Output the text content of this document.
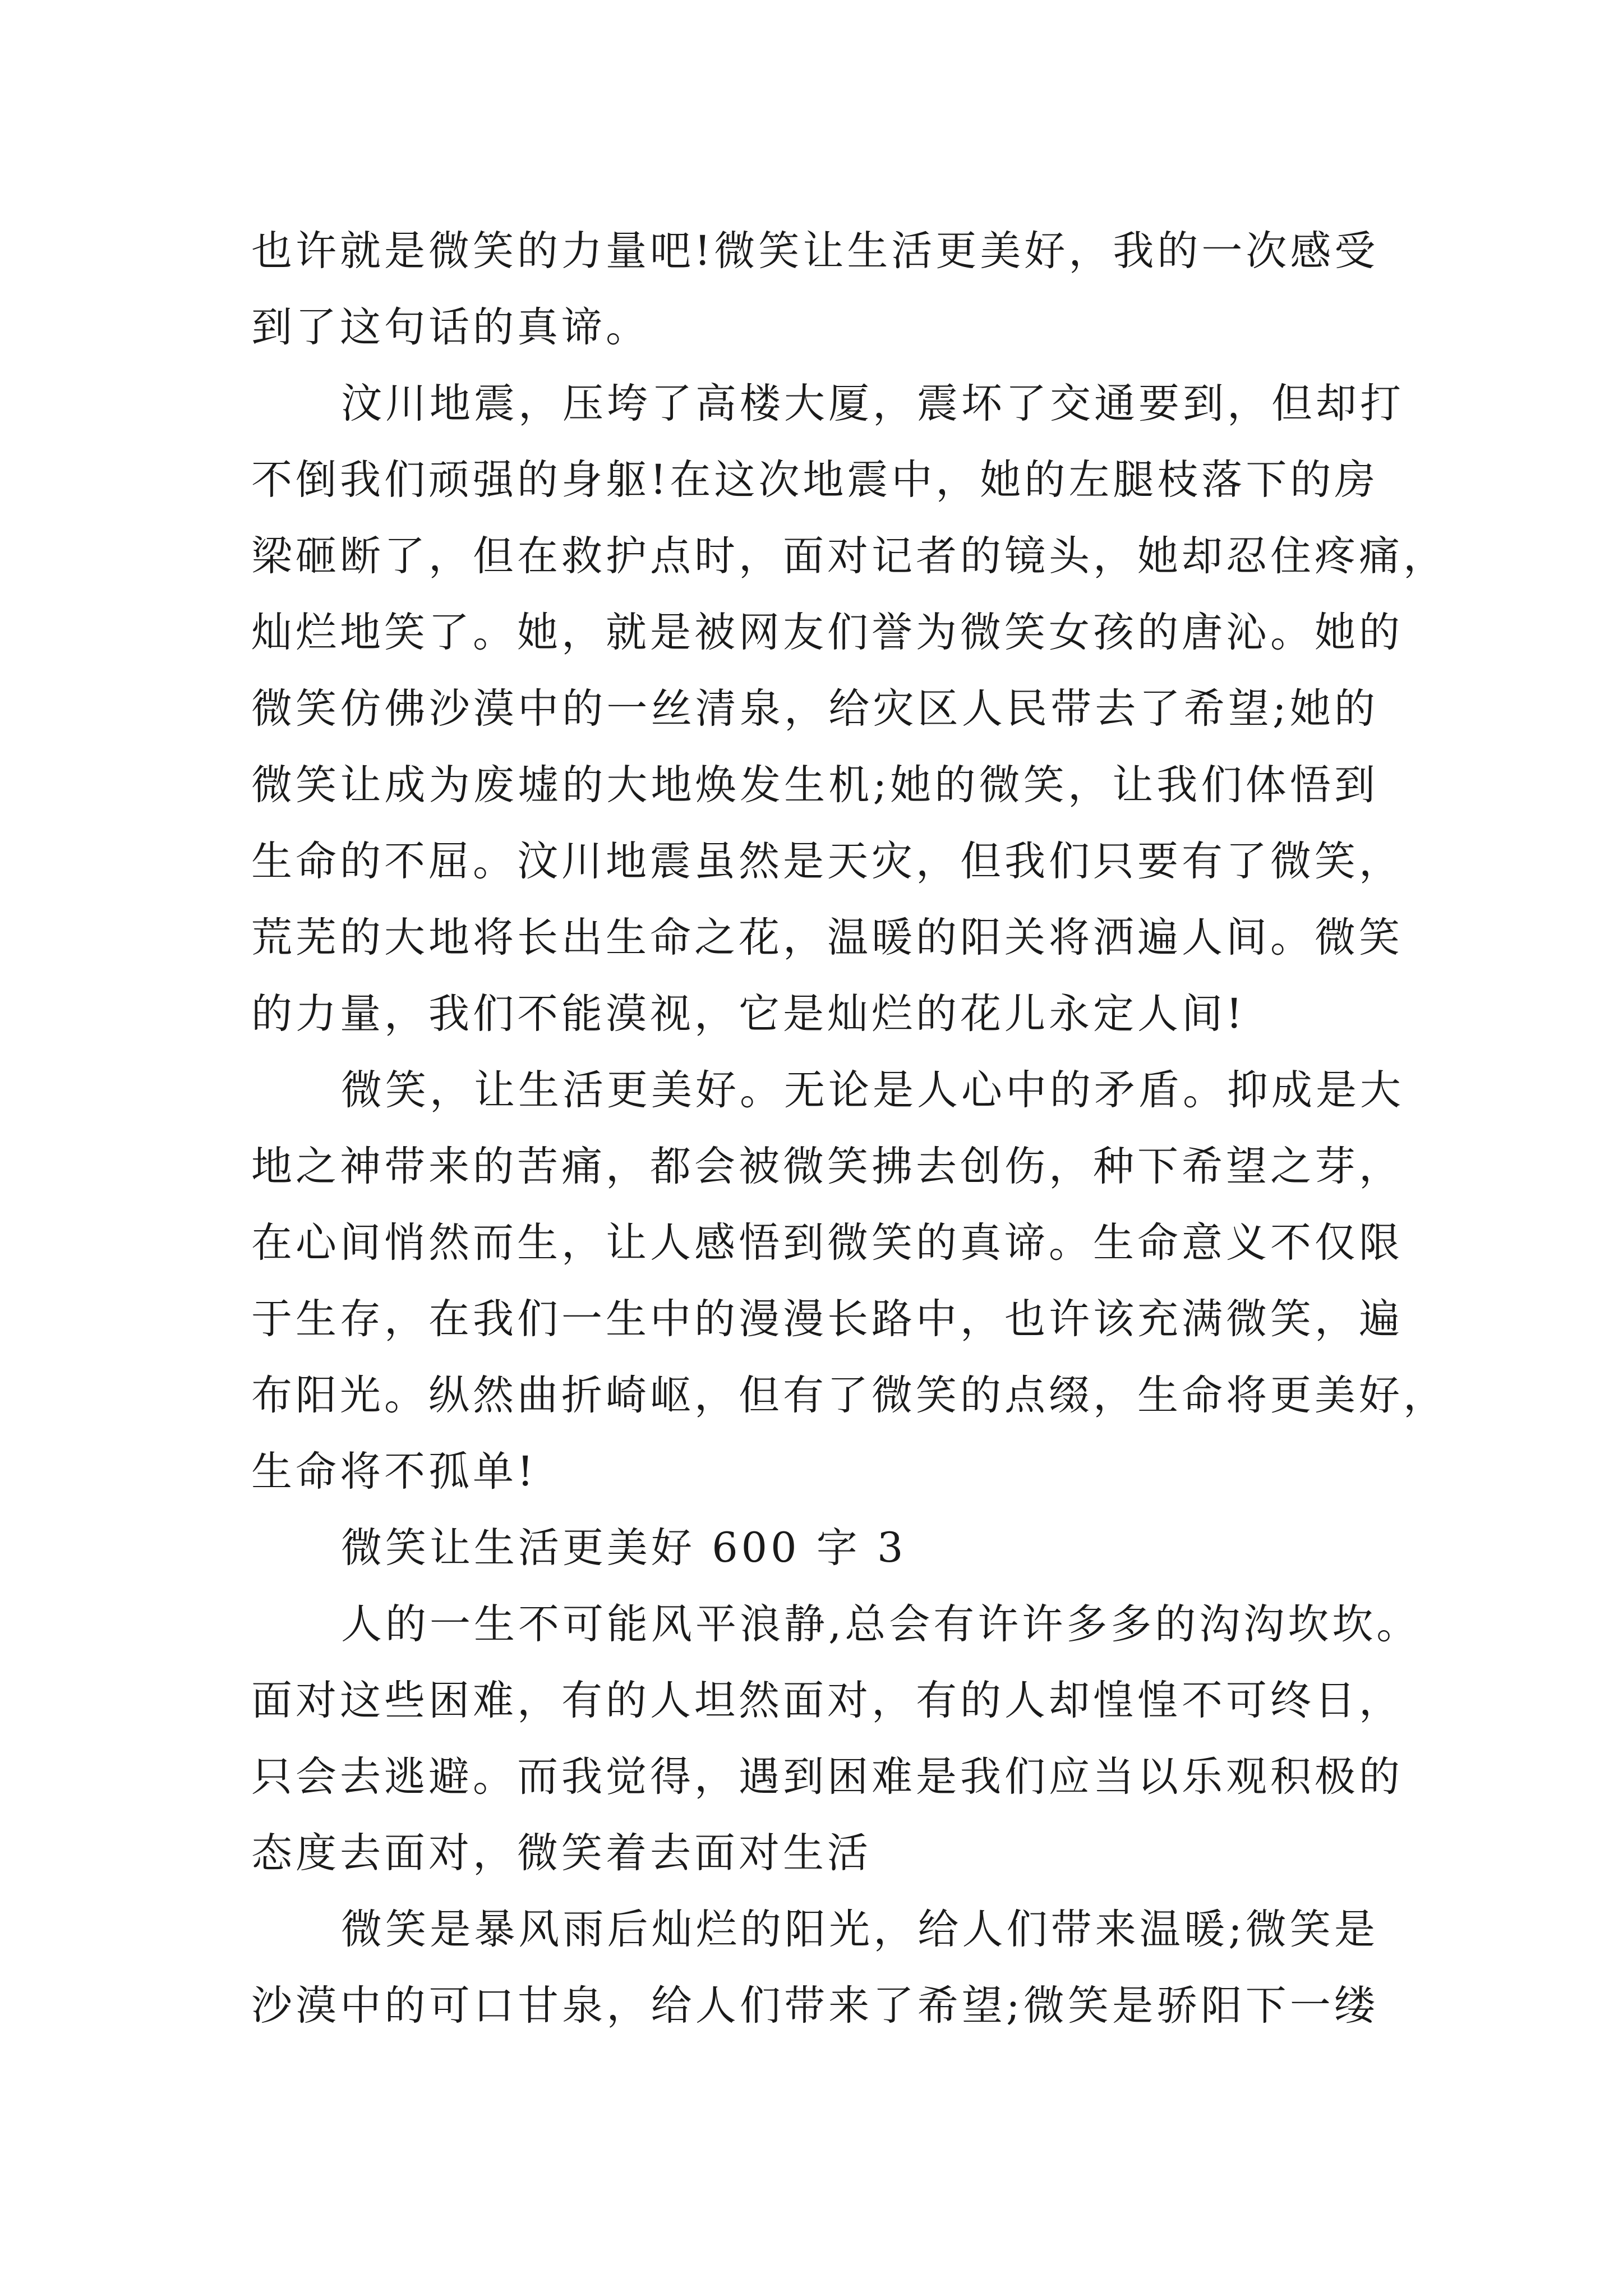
也许就是微笑的力量吧!微笑让生活更美好，我的一次感受
到了这句话的真谛。
汶川地震，压垮了高楼大厦，震坏了交通要到，但却打
不倒我们顽强的身躯!在这次地震中，她的左腿枝落下的房
梁砸断了，但在救护点时，面对记者的镜头，她却忍住疼痛，
灿烂地笑了。她，就是被网友们誉为微笑女孩的唐沁。她的
微笑仿佛沙漠中的一丝清泉，给灾区人民带去了希望;她的
微笑让成为废墟的大地焕发生机;她的微笑，让我们体悟到
生命的不屈。汶川地震虽然是天灾，但我们只要有了微笑，
荒芜的大地将长出生命之花，温暖的阳关将洒遍人间。微笑
的力量，我们不能漠视，它是灿烂的花儿永定人间!
微笑，让生活更美好。无论是人心中的矛盾。抑成是大
地之神带来的苦痛，都会被微笑拂去创伤，种下希望之芽，
在心间悄然而生，让人感悟到微笑的真谛。生命意义不仅限
于生存，在我们一生中的漫漫长路中，也许该充满微笑，遍
布阳光。纵然曲折崎岖，但有了微笑的点缀，生命将更美好，
生命将不孤单!
微笑让生活更美好 600 字 3
人的一生不可能风平浪静,总会有许许多多的沟沟坎坎。
面对这些困难，有的人坦然面对，有的人却惶惶不可终日，
只会去逃避。而我觉得，遇到困难是我们应当以乐观积极的
态度去面对，微笑着去面对生活
微笑是暴风雨后灿烂的阳光，给人们带来温暖;微笑是
沙漠中的可口甘泉，给人们带来了希望;微笑是骄阳下一缕
